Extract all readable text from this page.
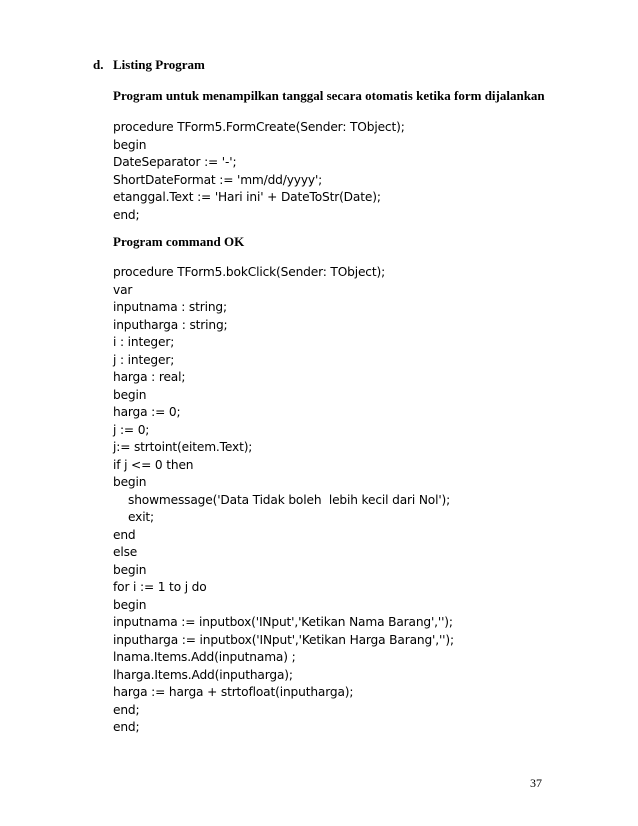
d. Listing Program
Program untuk menampilkan tanggal secara otomatis ketika form dijalankan
procedure TForm5.FormCreate(Sender: TObject);
begin
DateSeparator := '-';
ShortDateFormat := 'mm/dd/yyyy';
etanggal.Text := 'Hari ini' + DateToStr(Date);
end;
Program command OK
procedure TForm5.bokClick(Sender: TObject);
var
inputnama : string;
inputharga : string;
i : integer;
j : integer;
harga : real;
begin
harga := 0;
j := 0;
j:= strtoint(eitem.Text);
if j <= 0 then
begin
showmessage('Data Tidak boleh  lebih kecil dari Nol');
exit;
end
else
begin
for i := 1 to j do
begin
inputnama := inputbox('INput','Ketikan Nama Barang','');
inputharga := inputbox('INput','Ketikan Harga Barang','');
lnama.Items.Add(inputnama) ;
lharga.Items.Add(inputharga);
harga := harga + strtofloat(inputharga);
end;
end;
37
